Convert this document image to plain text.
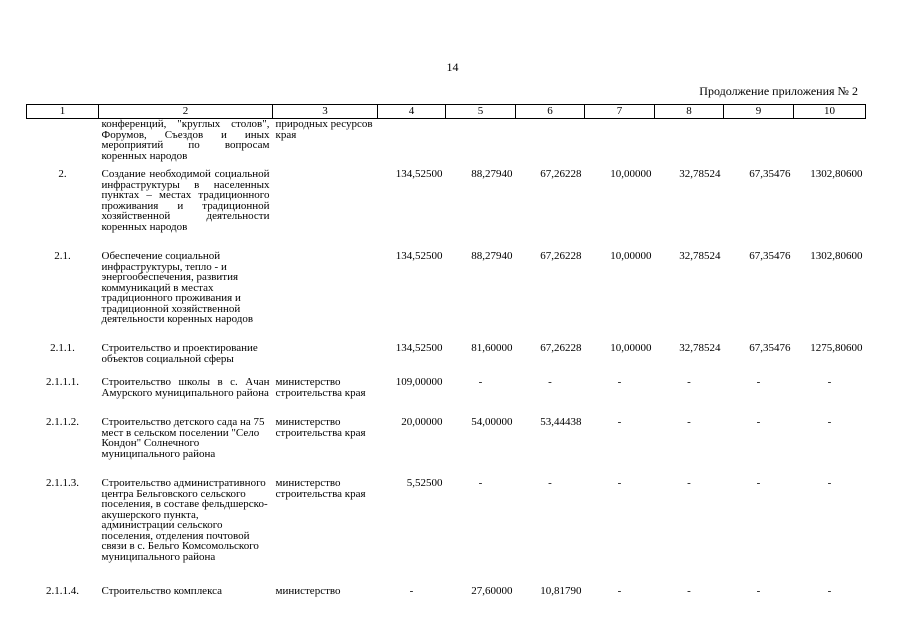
14
Продолжение приложения № 2
1	2	3	4	5	6	7	8	9	10
	конференций, "круглых столов", Форумов, Съездов и иных мероприятий по вопросам коренных народов	природных ресурсов края							
2.	Создание необходимой социальной инфраструктуры в населенных пунктах – местах традиционного проживания и традиционной хозяйственной деятельности коренных народов		134,52500	88,27940	67,26228	10,00000	32,78524	67,35476	1302,80600
2.1.	Обеспечение социальной инфраструктуры, тепло - и энергообеспечения, развития коммуникаций в местах традиционного проживания и традиционной хозяйственной деятельности коренных народов		134,52500	88,27940	67,26228	10,00000	32,78524	67,35476	1302,80600
2.1.1.	Строительство и проектирование объектов социальной сферы		134,52500	81,60000	67,26228	10,00000	32,78524	67,35476	1275,80600
2.1.1.1.	Строительство школы в с. Ачан Амурского муниципального района	министерство строительства края	109,00000	-	-	-	-	-	-
2.1.1.2.	Строительство детского сада на 75 мест в сельском поселении "Село Кондон" Солнечного муниципального района	министерство строительства края	20,00000	54,00000	53,44438	-	-	-	-
2.1.1.3.	Строительство административного центра Бельговского сельского поселения, в составе фельдшерско-акушерского пункта, администрации сельского поселения, отделения почтовой связи в с. Бельго Комсомольского муниципального района	министерство строительства края	5,52500	-	-	-	-	-	-
2.1.1.4.	Строительство комплекса	министерство	-	27,60000	10,81790	-	-	-	-
